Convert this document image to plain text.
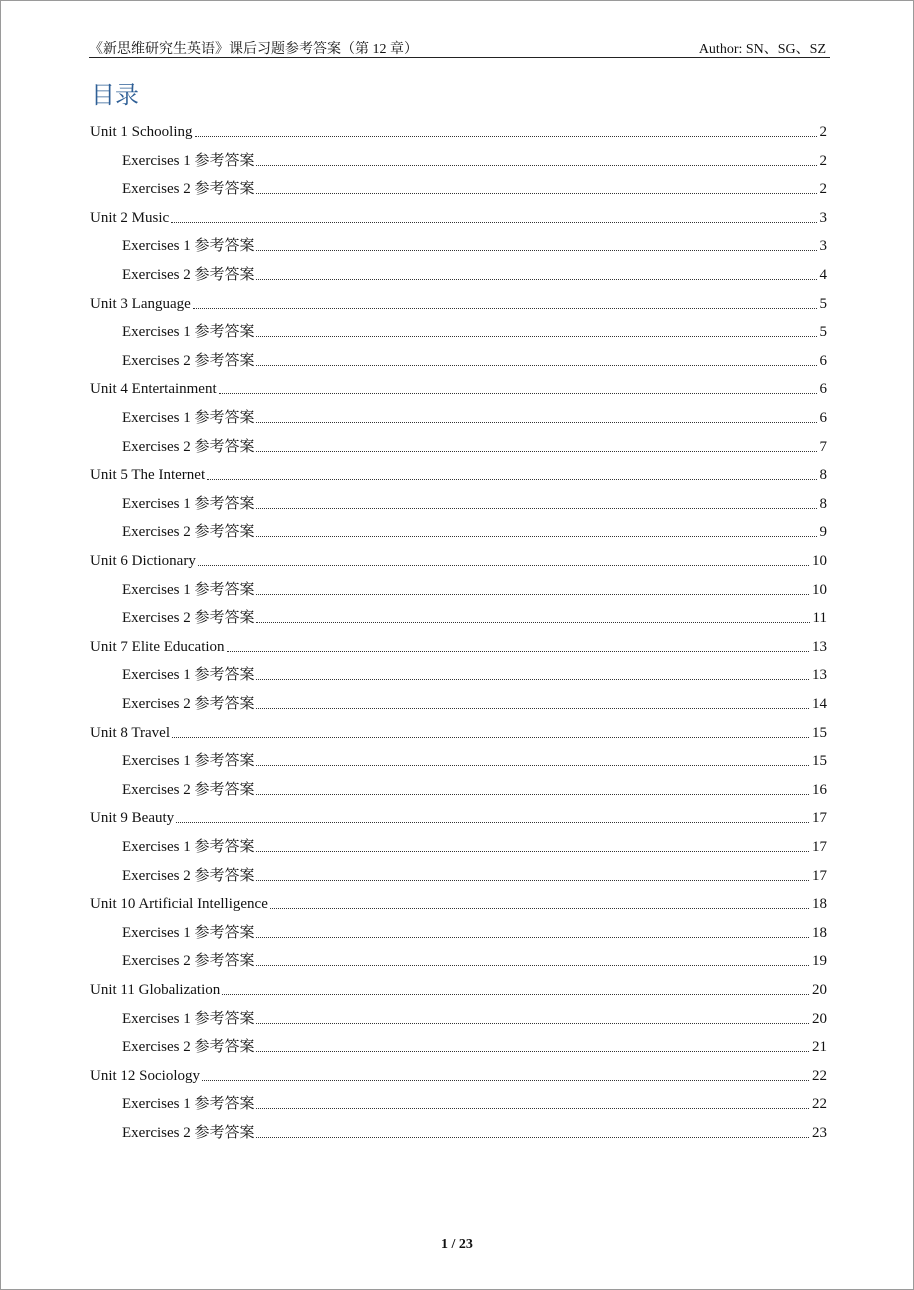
《新思维研究生英语》课后习题参考答案（第 12 章）	Author: SN、SG、SZ
目录
Unit 1 Schooling	2
Exercises 1 参考答案	2
Exercises 2 参考答案	2
Unit 2 Music	3
Exercises 1 参考答案	3
Exercises 2 参考答案	4
Unit 3 Language	5
Exercises 1 参考答案	5
Exercises 2 参考答案	6
Unit 4 Entertainment	6
Exercises 1 参考答案	6
Exercises 2 参考答案	7
Unit 5 The Internet	8
Exercises 1 参考答案	8
Exercises 2 参考答案	9
Unit 6 Dictionary	10
Exercises 1 参考答案	10
Exercises 2 参考答案	11
Unit 7 Elite Education	13
Exercises 1 参考答案	13
Exercises 2 参考答案	14
Unit 8 Travel	15
Exercises 1 参考答案	15
Exercises 2 参考答案	16
Unit 9 Beauty	17
Exercises 1 参考答案	17
Exercises 2 参考答案	17
Unit 10 Artificial Intelligence	18
Exercises 1 参考答案	18
Exercises 2 参考答案	19
Unit 11 Globalization	20
Exercises 1 参考答案	20
Exercises 2 参考答案	21
Unit 12 Sociology	22
Exercises 1 参考答案	22
Exercises 2 参考答案	23
1 / 23
